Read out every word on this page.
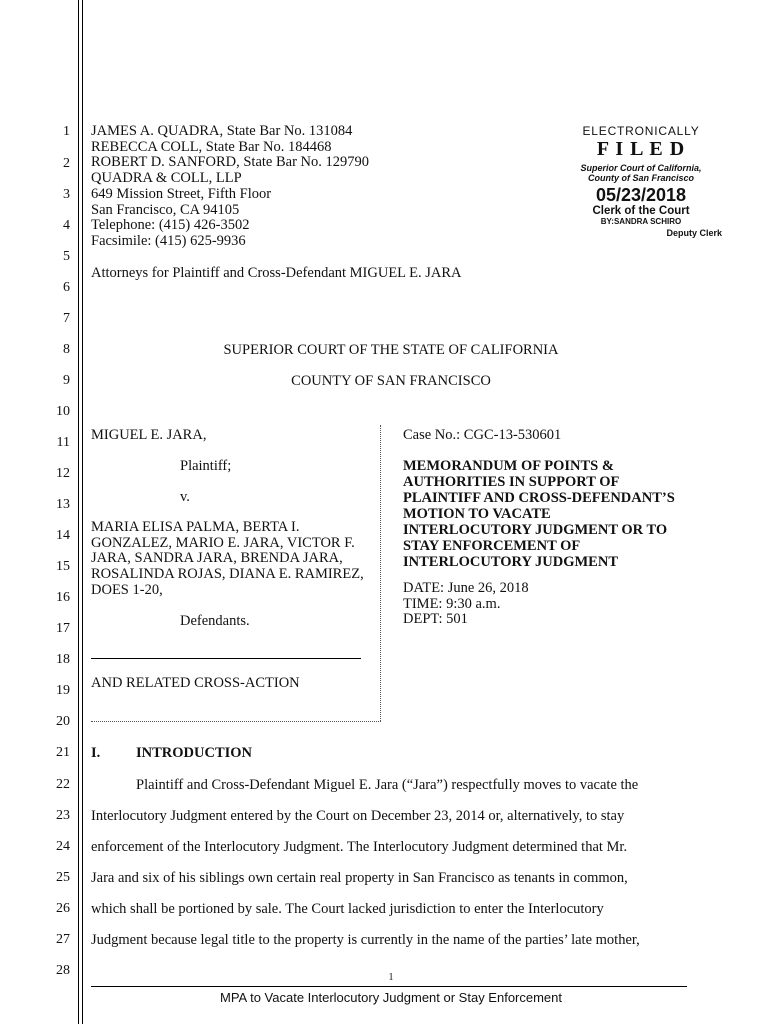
1
2
3
4
5
6
7
8
9
10
11
12
13
14
15
16
17
18
19
20
21
22
23
24
25
26
27
28
JAMES A. QUADRA, State Bar No. 131084
REBECCA COLL, State Bar No. 184468
ROBERT D. SANFORD, State Bar No. 129790
QUADRA & COLL, LLP
649 Mission Street, Fifth Floor
San Francisco, CA 94105
Telephone: (415) 426-3502
Facsimile: (415) 625-9936
Attorneys for Plaintiff and Cross-Defendant MIGUEL E. JARA
ELECTRONICALLY
F I L E D
Superior Court of California,
County of San Francisco
05/23/2018
Clerk of the Court
BY:SANDRA SCHIRO
Deputy Clerk
SUPERIOR COURT OF THE STATE OF CALIFORNIA
COUNTY OF SAN FRANCISCO
MIGUEL E. JARA,
Plaintiff;
v.
MARIA ELISA PALMA, BERTA I.
GONZALEZ, MARIO E. JARA, VICTOR F.
JARA, SANDRA JARA, BRENDA JARA,
ROSALINDA ROJAS, DIANA E. RAMIREZ,
DOES 1-20,
Defendants.
AND RELATED CROSS-ACTION
Case No.: CGC-13-530601
MEMORANDUM OF POINTS &
AUTHORITIES IN SUPPORT OF
PLAINTIFF AND CROSS-DEFENDANT’S
MOTION TO VACATE
INTERLOCUTORY JUDGMENT OR TO
STAY ENFORCEMENT OF
INTERLOCUTORY JUDGMENT
DATE: June 26, 2018
TIME: 9:30 a.m.
DEPT: 501
I. INTRODUCTION
Plaintiff and Cross-Defendant Miguel E. Jara (“Jara”) respectfully moves to vacate the
Interlocutory Judgment entered by the Court on December 23, 2014 or, alternatively, to stay
enforcement of the Interlocutory Judgment. The Interlocutory Judgment determined that Mr.
Jara and six of his siblings own certain real property in San Francisco as tenants in common,
which shall be portioned by sale. The Court lacked jurisdiction to enter the Interlocutory
Judgment because legal title to the property is currently in the name of the parties’ late mother,
1
MPA to Vacate Interlocutory Judgment or Stay Enforcement
